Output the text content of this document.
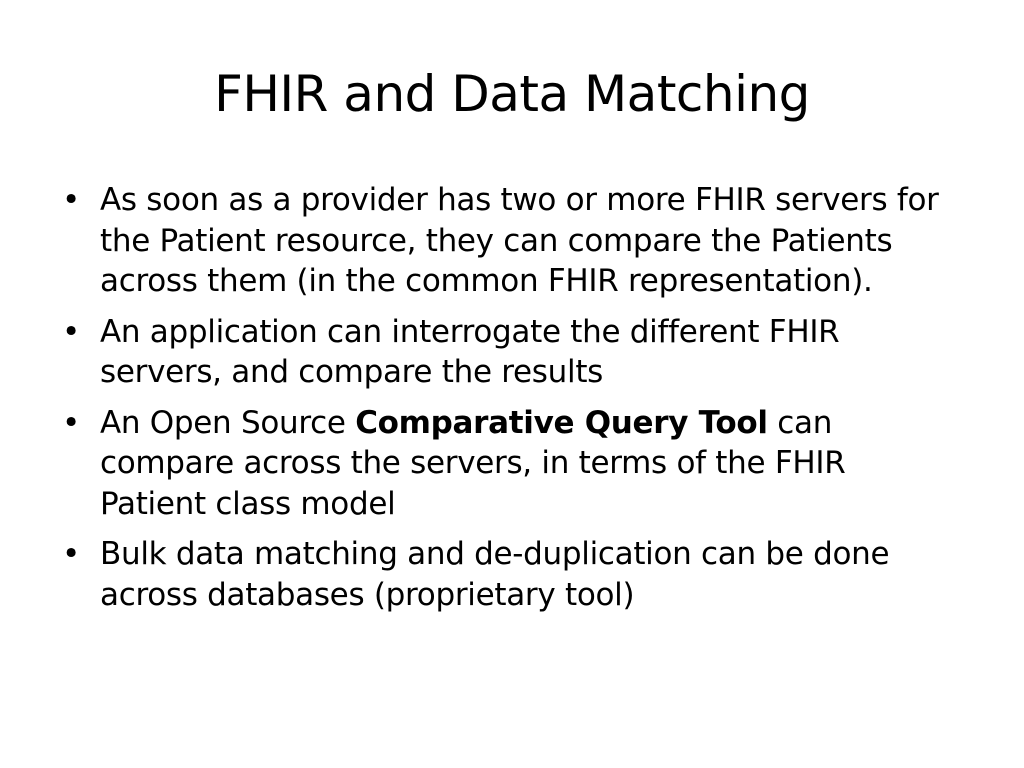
FHIR and Data Matching
• As soon as a provider has two or more FHIR servers for the Patient resource, they can compare the Patients across them (in the common FHIR representation).
• An application can interrogate the different FHIR servers, and compare the results
• An Open Source Comparative Query Tool can compare across the servers, in terms of the FHIR Patient class model
• Bulk data matching and de-duplication can be done across databases (proprietary tool)
